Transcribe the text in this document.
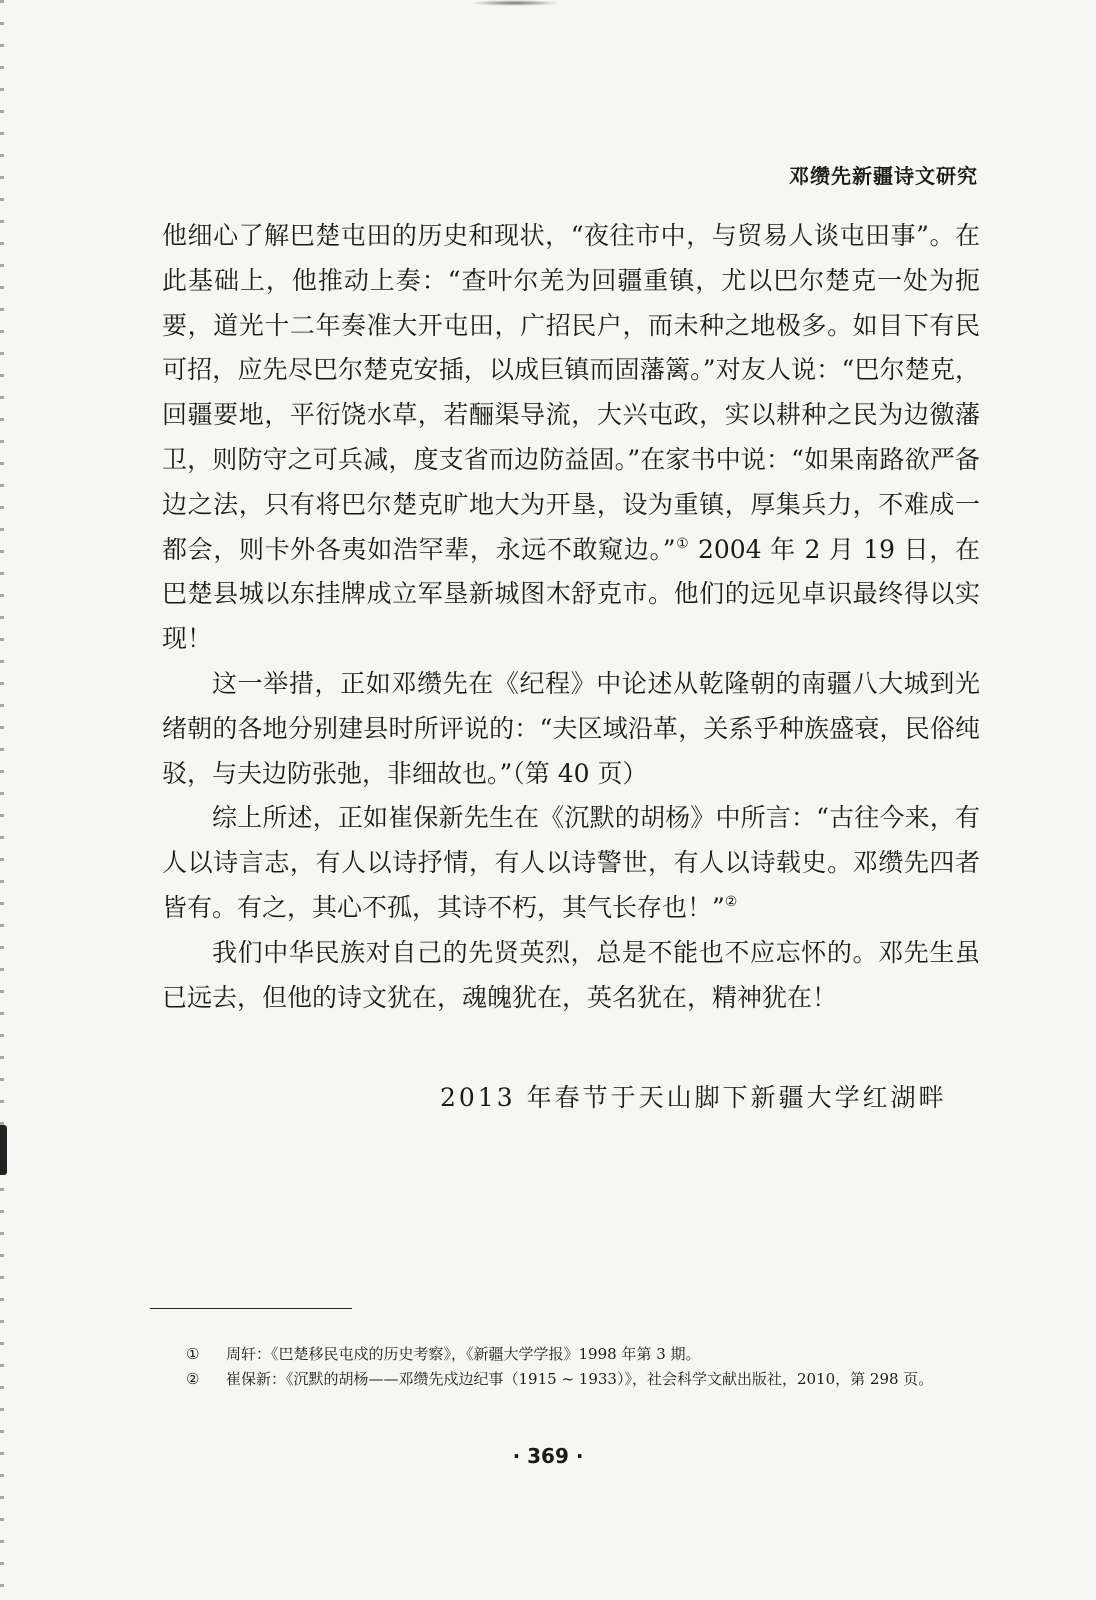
邓缵先新疆诗文研究

他细心了解巴楚屯田的历史和现状，“夜往市中，与贸易人谈屯田事”。在此基础上，他推动上奏：“查叶尔羌为回疆重镇，尤以巴尔楚克一处为扼要，道光十二年奏准大开屯田，广招民户，而未种之地极多。如目下有民可招，应先尽巴尔楚克安插，以成巨镇而固藩篱。”对友人说：“巴尔楚克，回疆要地，平衍饶水草，若酾渠导流，大兴屯政，实以耕种之民为边徼藩卫，则防守之可兵减，度支省而边防益固。”在家书中说：“如果南路欲严备边之法，只有将巴尔楚克旷地大为开垦，设为重镇，厚集兵力，不难成一都会，则卡外各夷如浩罕辈，永远不敢窥边。”① 2004 年 2 月 19 日，在巴楚县城以东挂牌成立军垦新城图木舒克市。他们的远见卓识最终得以实现！

这一举措，正如邓缵先在《纪程》中论述从乾隆朝的南疆八大城到光绪朝的各地分别建县时所评说的：“夫区域沿革，关系乎种族盛衰，民俗纯驳，与夫边防张弛，非细故也。”（第 40 页）

综上所述，正如崔保新先生在《沉默的胡杨》中所言：“古往今来，有人以诗言志，有人以诗抒情，有人以诗警世，有人以诗载史。邓缵先四者皆有。有之，其心不孤，其诗不朽，其气长存也！”②

我们中华民族对自己的先贤英烈，总是不能也不应忘怀的。邓先生虽已远去，但他的诗文犹在，魂魄犹在，英名犹在，精神犹在！

2013 年春节于天山脚下新疆大学红湖畔
① 周轩：《巴楚移民屯戍的历史考察》，《新疆大学学报》1998 年第 3 期。
② 崔保新：《沉默的胡杨——邓缵先戍边纪事（1915 ~ 1933）》，社会科学文献出版社，2010，第 298 页。
· 369 ·
